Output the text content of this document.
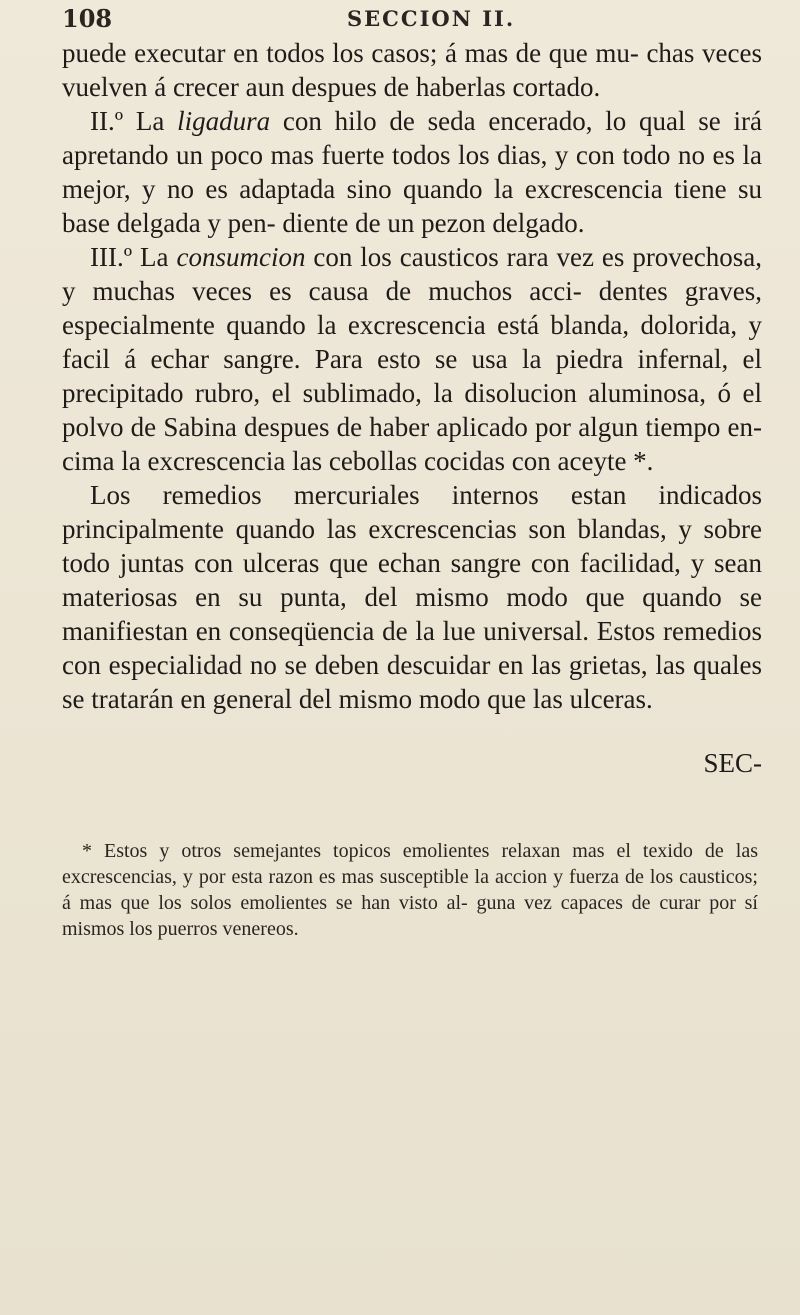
108	SECCION II.

puede executar en todos los casos; á mas de que mu- chas veces vuelven á crecer aun despues de haberlas cortado.

II.º La ligadura con hilo de seda encerado, lo qual se irá apretando un poco mas fuerte todos los dias, y con todo no es la mejor, y no es adaptada sino quando la excrescencia tiene su base delgada y pen- diente de un pezon delgado.

III.º La consumcion con los causticos rara vez es provechosa, y muchas veces es causa de muchos acci- dentes graves, especialmente quando la excrescencia está blanda, dolorida, y facil á echar sangre. Para esto se usa la piedra infernal, el precipitado rubro, el sublimado, la disolucion aluminosa, ó el polvo de Sabina despues de haber aplicado por algun tiempo en- cima la excrescencia las cebollas cocidas con aceyte *.

Los remedios mercuriales internos estan indicados principalmente quando las excrescencias son blandas, y sobre todo juntas con ulceras que echan sangre con facilidad, y sean materiosas en su punta, del mismo modo que quando se manifiestan en conseqüencia de la lue universal. Estos remedios con especialidad no se deben descuidar en las grietas, las quales se tratarán en general del mismo modo que las ulceras.

SEC-
* Estos y otros semejantes topicos emolientes relaxan mas el texido de las excrescencias, y por esta razon es mas susceptible la accion y fuerza de los causticos; á mas que los solos emolientes se han visto al- guna vez capaces de curar por sí mismos los puerros venereos.
